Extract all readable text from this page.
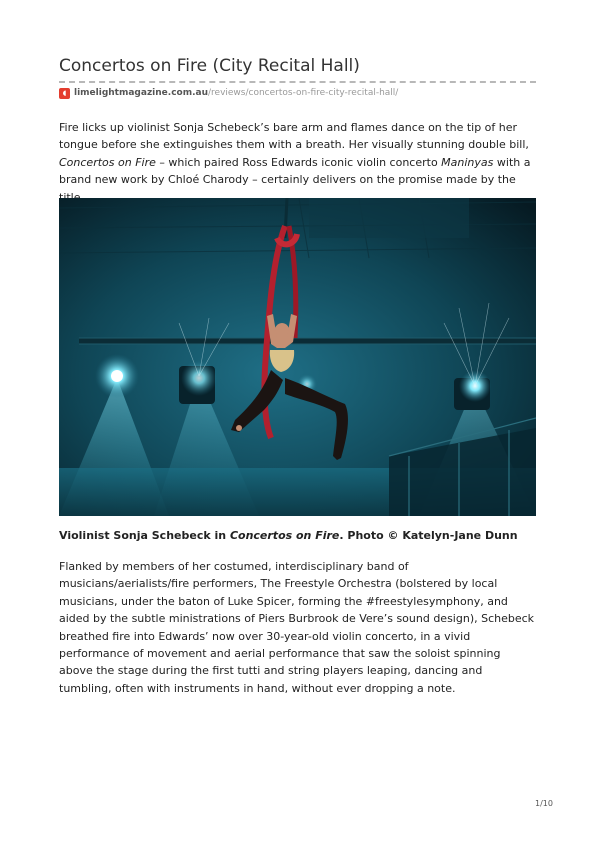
Concertos on Fire (City Recital Hall)
◖ limelightmagazine.com.au /reviews/concertos-on-fire-city-recital-hall/

Fire licks up violinist Sonja Schebeck’s bare arm and flames dance on the tip of her tongue before she extinguishes them with a breath. Her visually stunning double bill, Concertos on Fire – which paired Ross Edwards iconic violin concerto Maninyas with a brand new work by Chloé Charody – certainly delivers on the promise made by the

Violinist Sonja Schebeck in Concertos on Fire. Photo © Katelyn-Jane Dunn

Flanked by members of her costumed, interdisciplinary band of musicians/aerialists/fire performers, The Freestyle Orchestra (bolstered by local musicians, under the baton of Luke Spicer, forming the #freestylesymphony, and aided by the subtle ministrations of Piers Burbrook de Vere’s sound design), Schebeck breathed fire into Edwards’ now over 30-year-old violin concerto, in a vivid performance of movement and aerial performance that saw the soloist spinning above the stage during the first tutti and string players leaping, dancing and tumbling, often with instruments in hand, without ever dropping a note.

1/10
